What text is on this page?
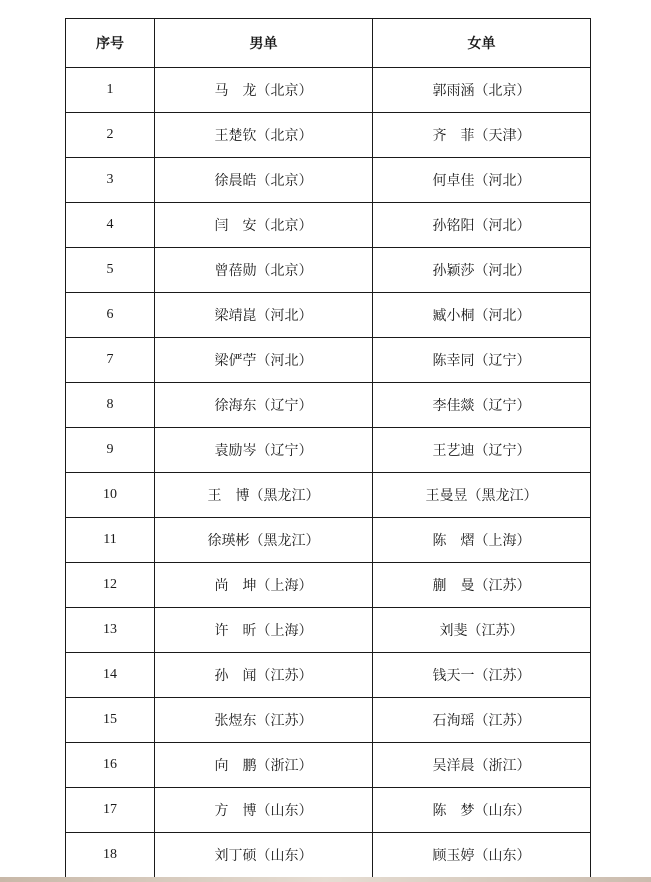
序号	男单	女单
1	马　龙（北京）	郭雨涵（北京）
2	王楚钦（北京）	齐　菲（天津）
3	徐晨皓（北京）	何卓佳（河北）
4	闫　安（北京）	孙铭阳（河北）
5	曾蓓勋（北京）	孙颖莎（河北）
6	梁靖崑（河北）	臧小桐（河北）
7	梁俨苧（河北）	陈幸同（辽宁）
8	徐海东（辽宁）	李佳燚（辽宁）
9	袁励岑（辽宁）	王艺迪（辽宁）
10	王　博（黑龙江）	王曼昱（黑龙江）
11	徐瑛彬（黑龙江）	陈　熠（上海）
12	尚　坤（上海）	蒯　曼（江苏）
13	许　昕（上海）	刘斐（江苏）
14	孙　闻（江苏）	钱天一（江苏）
15	张煜东（江苏）	石洵瑶（江苏）
16	向　鹏（浙江）	吴洋晨（浙江）
17	方　博（山东）	陈　梦（山东）
18	刘丁硕（山东）	顾玉婷（山东）
